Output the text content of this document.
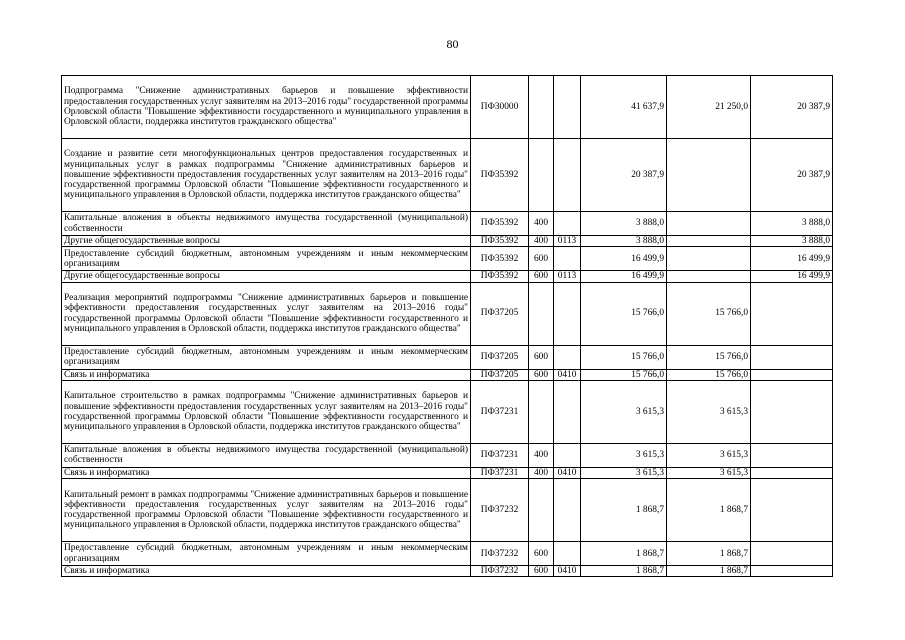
80
Подпрограмма "Снижение административных барьеров и повышение эффективности предоставления государственных услуг заявителям на 2013–2016 годы" государственной программы Орловской области "Повышение эффективности государственного и муниципального управления в Орловской области, поддержка институтов гражданского общества"	ПФ30000			41 637,9	21 250,0	20 387,9
Создание и развитие сети многофункциональных центров предоставления государственных и муниципальных услуг в рамках подпрограммы "Снижение административных барьеров и повышение эффективности предоставления государственных услуг заявителям на 2013–2016 годы" государственной программы Орловской области "Повышение эффективности государственного и муниципального управления в Орловской области, поддержка институтов гражданского общества"	ПФ35392			20 387,9		20 387,9
Капитальные вложения в объекты недвижимого имущества государственной (муниципальной) собственности	ПФ35392	400		3 888,0		3 888,0
Другие общегосударственные вопросы	ПФ35392	400	0113	3 888,0		3 888,0
Предоставление субсидий бюджетным, автономным учреждениям и иным некоммерческим организациям	ПФ35392	600		16 499,9		16 499,9
Другие общегосударственные вопросы	ПФ35392	600	0113	16 499,9		16 499,9
Реализация мероприятий подпрограммы "Снижение административных барьеров и повышение эффективности предоставления государственных услуг заявителям на 2013–2016 годы" государственной программы Орловской области "Повышение эффективности государственного и муниципального управления в Орловской области, поддержка институтов гражданского общества"	ПФ37205			15 766,0	15 766,0	
Предоставление субсидий бюджетным, автономным учреждениям и иным некоммерческим организациям	ПФ37205	600		15 766,0	15 766,0	
Связь и информатика	ПФ37205	600	0410	15 766,0	15 766,0	
Капитальное строительство в рамках подпрограммы "Снижение административных барьеров и повышение эффективности предоставления государственных услуг заявителям на 2013–2016 годы" государственной программы Орловской области "Повышение эффективности государственного и муниципального управления в Орловской области, поддержка институтов гражданского общества"	ПФ37231			3 615,3	3 615,3	
Капитальные вложения в объекты недвижимого имущества государственной (муниципальной) собственности	ПФ37231	400		3 615,3	3 615,3	
Связь и информатика	ПФ37231	400	0410	3 615,3	3 615,3	
Капитальный ремонт в рамках подпрограммы "Снижение административных барьеров и повышение эффективности предоставления государственных услуг заявителям на 2013–2016 годы" государственной программы Орловской области "Повышение эффективности государственного и муниципального управления в Орловской области, поддержка институтов гражданского общества"	ПФ37232			1 868,7	1 868,7	
Предоставление субсидий бюджетным, автономным учреждениям и иным некоммерческим организациям	ПФ37232	600		1 868,7	1 868,7	
Связь и информатика	ПФ37232	600	0410	1 868,7	1 868,7	
